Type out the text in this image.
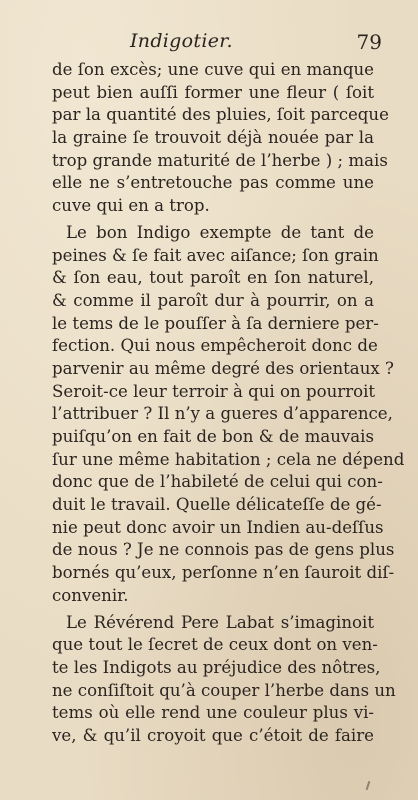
Indigotier.	79
de ſon excès; une cuve qui en manque
peut bien auſſi former une fleur ( ſoit
par la quantité des pluies, ſoit parceque
la graine ſe trouvoit déjà nouée par la
trop grande maturité de l’herbe ) ; mais
elle ne s’entretouche pas comme une
cuve qui en a trop.
Le bon Indigo exempte de tant de
peines & ſe fait avec aiſance; ſon grain
& ſon eau, tout paroît en ſon naturel,
& comme il paroît dur à pourrir, on a
le tems de le pouſſer à ſa derniere per-
fection. Qui nous empêcheroit donc de
parvenir au même degré des orientaux ?
Seroit-ce leur terroir à qui on pourroit
l’attribuer ? Il n’y a gueres d’apparence,
puiſqu’on en fait de bon & de mauvais
ſur une même habitation ; cela ne dépend
donc que de l’habileté de celui qui con-
duit le travail. Quelle délicateſſe de gé-
nie peut donc avoir un Indien au-deſſus
de nous ? Je ne connois pas de gens plus
bornés qu’eux, perſonne n’en ſauroit diſ-
convenir.
Le Révérend Pere Labat s’imaginoit
que tout le ſecret de ceux dont on ven-
te les Indigots au préjudice des nôtres,
ne conſiſtoit qu’à couper l’herbe dans un
tems où elle rend une couleur plus vi-
ve, & qu’il croyoit que c’étoit de faire
